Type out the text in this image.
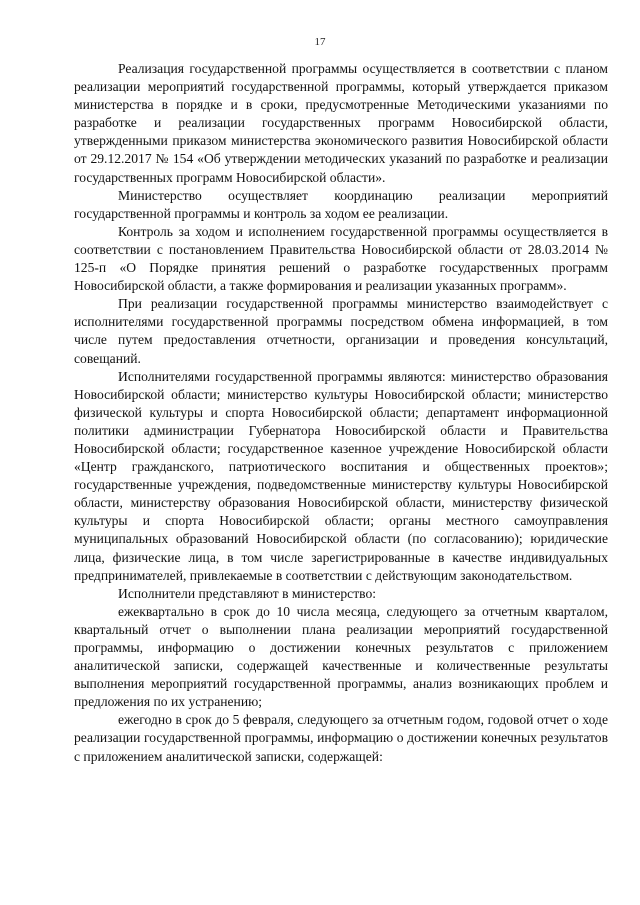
17

Реализация государственной программы осуществляется в соответствии с планом реализации мероприятий государственной программы, который утверждается приказом министерства в порядке и в сроки, предусмотренные Методическими указаниями по разработке и реализации государственных программ Новосибирской области, утвержденными приказом министерства экономического развития Новосибирской области от 29.12.2017 № 154 «Об утверждении методических указаний по разработке и реализации государственных программ Новосибирской области».

Министерство осуществляет координацию реализации мероприятий государственной программы и контроль за ходом ее реализации.

Контроль за ходом и исполнением государственной программы осуществляется в соответствии с постановлением Правительства Новосибирской области от 28.03.2014 № 125-п «О Порядке принятия решений о разработке государственных программ Новосибирской области, а также формирования и реализации указанных программ».

При реализации государственной программы министерство взаимодействует с исполнителями государственной программы посредством обмена информацией, в том числе путем предоставления отчетности, организации и проведения консультаций, совещаний.

Исполнителями государственной программы являются: министерство образования Новосибирской области; министерство культуры Новосибирской области; министерство физической культуры и спорта Новосибирской области; департамент информационной политики администрации Губернатора Новосибирской области и Правительства Новосибирской области; государственное казенное учреждение Новосибирской области «Центр гражданского, патриотического воспитания и общественных проектов»; государственные учреждения, подведомственные министерству культуры Новосибирской области, министерству образования Новосибирской области, министерству физической культуры и спорта Новосибирской области; органы местного самоуправления муниципальных образований Новосибирской области (по согласованию); юридические лица, физические лица, в том числе зарегистрированные в качестве индивидуальных предпринимателей, привлекаемые в соответствии с действующим законодательством.

Исполнители представляют в министерство:

ежеквартально в срок до 10 числа месяца, следующего за отчетным кварталом, квартальный отчет о выполнении плана реализации мероприятий государственной программы, информацию о достижении конечных результатов с приложением аналитической записки, содержащей качественные и количественные результаты выполнения мероприятий государственной программы, анализ возникающих проблем и предложения по их устранению;

ежегодно в срок до 5 февраля, следующего за отчетным годом, годовой отчет о ходе реализации государственной программы, информацию о достижении конечных результатов с приложением аналитической записки, содержащей:
